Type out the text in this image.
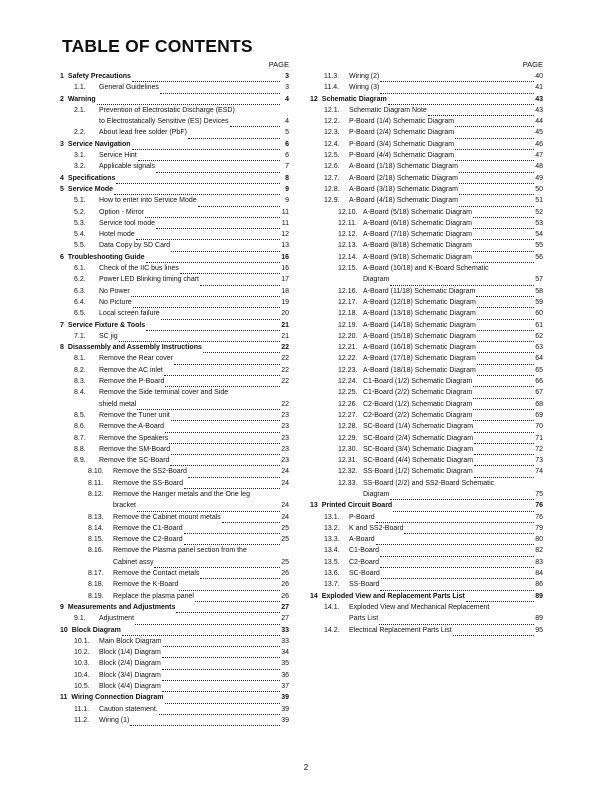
TABLE OF CONTENTS
PAGE
1 Safety Precautions	3
1.1.	General Guidelines	3
2 Warning	4
2.1.	Prevention of Electrostatic Discharge (ESD)
to Electrostatically Sensitive (ES) Devices	4
2.2.	About lead free solder (PbF)	5
3 Service Navigation	6
3.1.	Service Hint	6
3.2.	Applicable signals	7
4 Specifications	8
5 Service Mode	9
5.1.	How to enter into Service Mode	9
5.2.	Option - Mirror	11
5.3.	Service tool mode	11
5.4.	Hotel mode	12
5.5.	Data Copy by SD Card	13
6 Troubleshooting Guide	16
6.1.	Check of the IIC bus lines	16
6.2.	Power LED Blinking timing chart	17
6.3.	No Power	18
6.4.	No Picture	19
6.5.	Local screen failure	20
7 Service Fixture & Tools	21
7.1.	SC jig	21
8 Disassembly and Assembly Instructions	22
8.1.	Remove the Rear cover	22
8.2.	Remove the AC inlet	22
8.3.	Remove the P-Board	22
8.4.	Remove the Side terminal cover and Side
shield metal	22
8.5.	Remove the Tuner unit	23
8.6.	Remove the A-Board	23
8.7.	Remove the Speakers	23
8.8.	Remove the SM-Board	23
8.9.	Remove the SC-Board	23
8.10.	Remove the SS2-Board	24
8.11.	Remove the SS-Board	24
8.12.	Remove the Hanger metals and the One leg
bracket	24
8.13.	Remove the Cabinet mount metals	24
8.14.	Remove the C1-Board	25
8.15.	Remove the C2-Board	25
8.16.	Remove the Plasma panel section from the
Cabinet assy	25
8.17.	Remove the Contact metals	26
8.18.	Remove the K-Board	26
8.19.	Replace the plasma panel	26
9 Measurements and Adjustments	27
9.1.	Adjustment	27
10 Block Diagram	33
10.1.	Main Block Diagram	33
10.2.	Block (1/4) Diagram	34
10.3.	Block (2/4) Diagram	35
10.4.	Block (3/4) Diagram	36
10.5.	Block (4/4) Diagram	37
11 Wiring Connection Diagram	39
11.1.	Caution statement.	39
11.2.	Wiring (1)	39
PAGE
11.3.	Wiring (2)	40
11.4.	Wiring (3)	41
12 Schematic Diagram	43
12.1.	Schematic Diagram Note	43
12.2.	P-Board (1/4) Schematic Diagram	44
12.3.	P-Board (2/4) Schematic Diagram	45
12.4.	P-Board (3/4) Schematic Diagram	46
12.5.	P-Board (4/4) Schematic Diagram	47
12.6.	A-Board (1/18) Schematic Diagram	48
12.7.	A-Board (2/18) Schematic Diagram	49
12.8.	A-Board (3/18) Schematic Diagram	50
12.9.	A-Board (4/18) Schematic Diagram	51
12.10. A-Board (5/18) Schematic Diagram	52
12.11. A-Board (6/18) Schematic Diagram	53
12.12. A-Board (7/18) Schematic Diagram	54
12.13. A-Board (8/18) Schematic Diagram	55
12.14. A-Board (9/18) Schematic Diagram	56
12.15. A-Board (10/18) and K-Board Schematic
Diagram	57
12.16. A-Board (11/18) Schematic Diagram	58
12.17. A-Board (12/18) Schematic Diagram	59
12.18. A-Board (13/18) Schematic Diagram	60
12.19. A-Board (14/18) Schematic Diagram	61
12.20. A-Board (15/18) Schematic Diagram	62
12.21. A-Board (16/18) Schematic Diagram	63
12.22. A-Board (17/18) Schematic Diagram	64
12.23. A-Board (18/18) Schematic Diagram	65
12.24. C1-Board (1/2) Schematic Diagram	66
12.25. C1-Board (2/2) Schematic Diagram	67
12.26. C2-Board (1/2) Schematic Diagram	68
12.27. C2-Board (2/2) Schematic Diagram	69
12.28. SC-Board (1/4) Schematic Diagram	70
12.29. SC-Board (2/4) Schematic Diagram	71
12.30. SC-Board (3/4) Schematic Diagram	72
12.31. SC-Board (4/4) Schematic Diagram	73
12.32. SS-Board (1/2) Schematic Diagram	74
12.33. SS-Board (2/2) and SS2-Board Schematic
Diagram	75
13 Printed Circuit Board	76
13.1.	P-Board	76
13.2.	K and SS2-Board	79
13.3.	A-Board	80
13.4.	C1-Board	82
13.5.	C2-Board	83
13.6.	SC-Board	84
13.7.	SS-Board	86
14 Exploded View and Replacement Parts List	89
14.1.	Exploded View and Mechanical Replacement
Parts List	89
14.2.	Electrical Replacement Parts List	95
2
